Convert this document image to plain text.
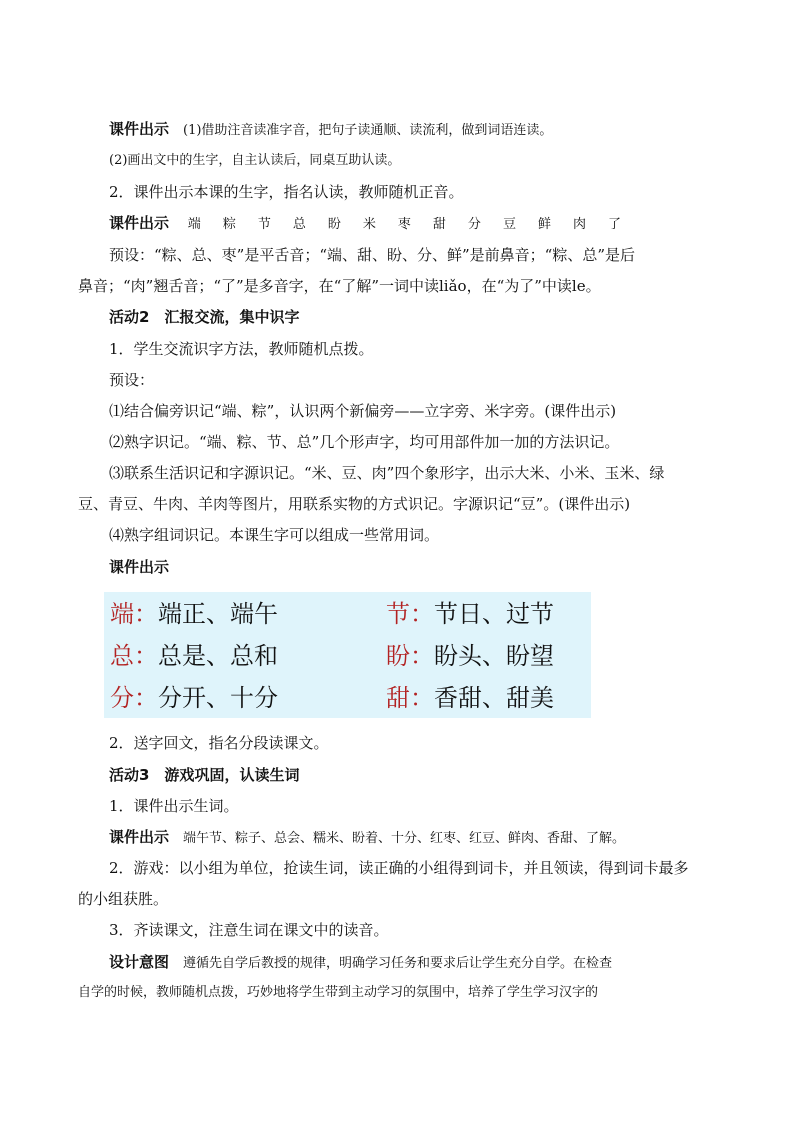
课件出示 (1)借助注音读准字音，把句子读通顺、读流利，做到词语连读。
(2)画出文中的生字，自主认读后，同桌互助认读。
2．课件出示本课的生字，指名认读，教师随机正音。
课件出示 端 粽 节 总 盼 米 枣 甜 分 豆 鲜 肉 了
预设：“粽、总、枣”是平舌音；“端、甜、盼、分、鲜”是前鼻音；“粽、总”是后
鼻音；“肉”翘舌音；“了”是多音字，在“了解”一词中读liǎo，在“为了”中读le。
活动2　汇报交流，集中识字
1．学生交流识字方法，教师随机点拨。
预设：
⑴结合偏旁识记“端、粽”，认识两个新偏旁——立字旁、米字旁。(课件出示)
⑵熟字识记。“端、粽、节、总”几个形声字，均可用部件加一加的方法识记。
⑶联系生活识记和字源识记。“米、豆、肉”四个象形字，出示大米、小米、玉米、绿
豆、青豆、牛肉、羊肉等图片，用联系实物的方式识记。字源识记“豆”。(课件出示)
⑷熟字组词识记。本课生字可以组成一些常用词。
课件出示
端：端正、端午	节：节日、过节
总：总是、总和	盼：盼头、盼望
分：分开、十分	甜：香甜、甜美
2．送字回文，指名分段读课文。
活动3　游戏巩固，认读生词
1．课件出示生词。
课件出示 端午节、粽子、总会、糯米、盼着、十分、红枣、红豆、鲜肉、香甜、了解。
2．游戏：以小组为单位，抢读生词，读正确的小组得到词卡，并且领读，得到词卡最多
的小组获胜。
3．齐读课文，注意生词在课文中的读音。
设计意图 遵循先自学后教授的规律，明确学习任务和要求后让学生充分自学。在检查
自学的时候，教师随机点拨，巧妙地将学生带到主动学习的氛围中，培养了学生学习汉字的
